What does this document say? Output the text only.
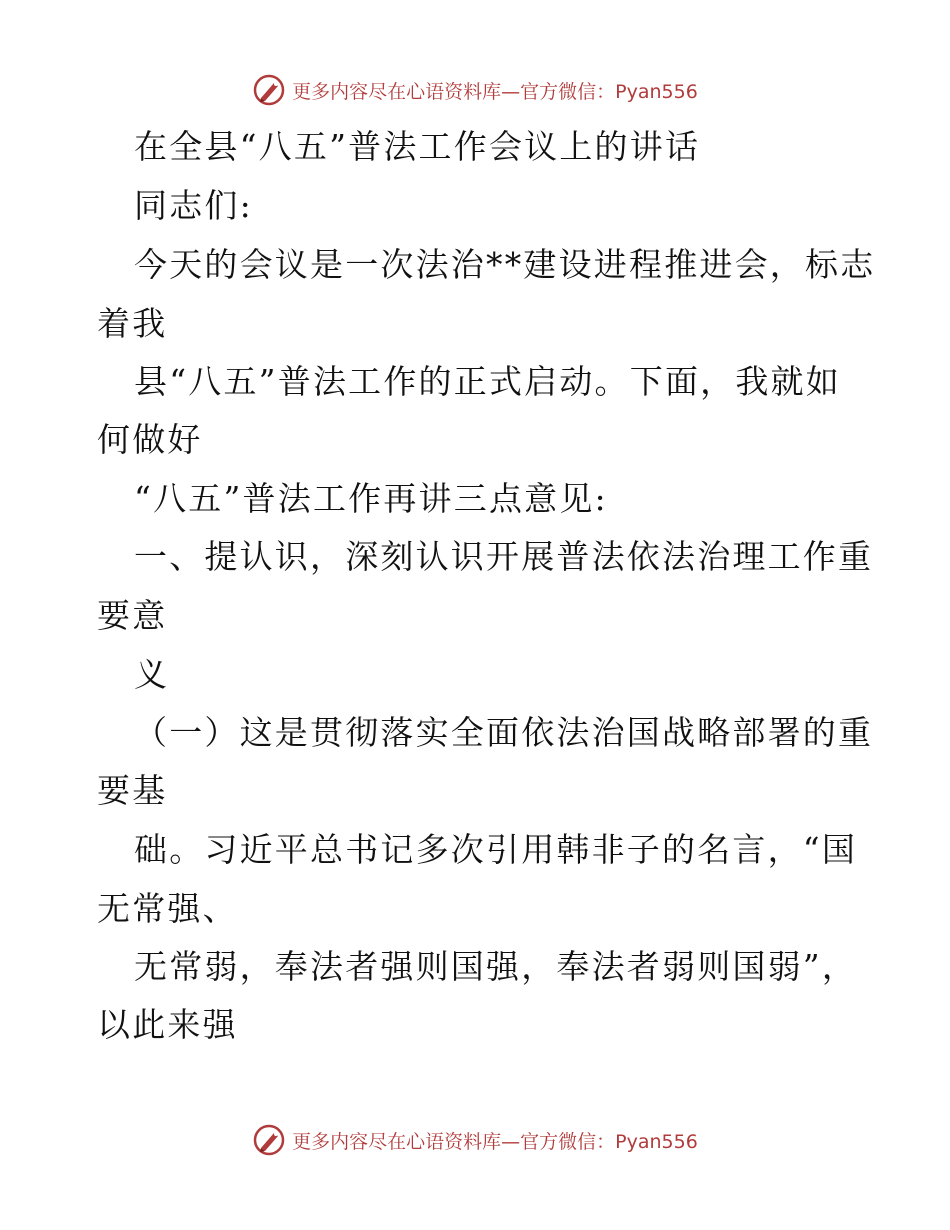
更多内容尽在心语资料库—官方微信：Pyan556
在全县“八五”普法工作会议上的讲话
同志们:
今天的会议是一次法治**建设进程推进会，标志
着我
县“八五”普法工作的正式启动。下面，我就如
何做好
“八五”普法工作再讲三点意见:
一、提认识，深刻认识开展普法依法治理工作重
要意
义
（一）这是贯彻落实全面依法治国战略部署的重
要基
础。习近平总书记多次引用韩非子的名言，“国
无常强、
无常弱，奉法者强则国强，奉法者弱则国弱”，
以此来强
更多内容尽在心语资料库—官方微信：Pyan556
